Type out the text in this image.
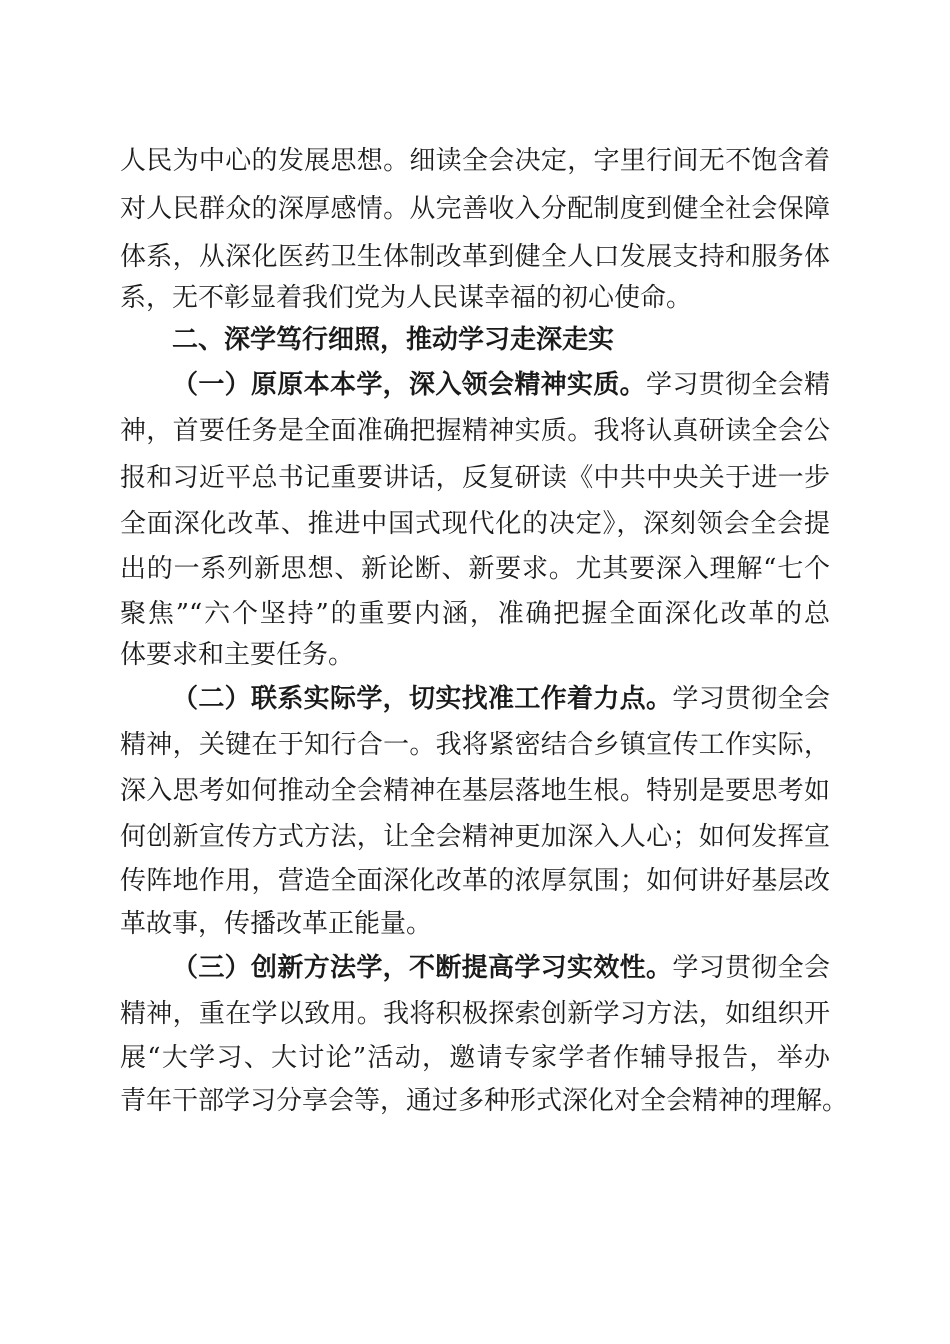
人民为中心的发展思想。细读全会决定，字里行间无不饱含着
对人民群众的深厚感情。从完善收入分配制度到健全社会保障
体系，从深化医药卫生体制改革到健全人口发展支持和服务体
系，无不彰显着我们党为人民谋幸福的初心使命。
二、深学笃行细照，推动学习走深走实
（一）原原本本学，深入领会精神实质。学习贯彻全会精
神，首要任务是全面准确把握精神实质。我将认真研读全会公
报和习近平总书记重要讲话，反复研读《中共中央关于进一步
全面深化改革、推进中国式现代化的决定》，深刻领会全会提
出的一系列新思想、新论断、新要求。尤其要深入理解“七个
聚焦”“六个坚持”的重要内涵，准确把握全面深化改革的总
体要求和主要任务。
（二）联系实际学，切实找准工作着力点。学习贯彻全会
精神，关键在于知行合一。我将紧密结合乡镇宣传工作实际，
深入思考如何推动全会精神在基层落地生根。特别是要思考如
何创新宣传方式方法，让全会精神更加深入人心；如何发挥宣
传阵地作用，营造全面深化改革的浓厚氛围；如何讲好基层改
革故事，传播改革正能量。
（三）创新方法学，不断提高学习实效性。学习贯彻全会
精神，重在学以致用。我将积极探索创新学习方法，如组织开
展“大学习、大讨论”活动，邀请专家学者作辅导报告，举办
青年干部学习分享会等，通过多种形式深化对全会精神的理解。
